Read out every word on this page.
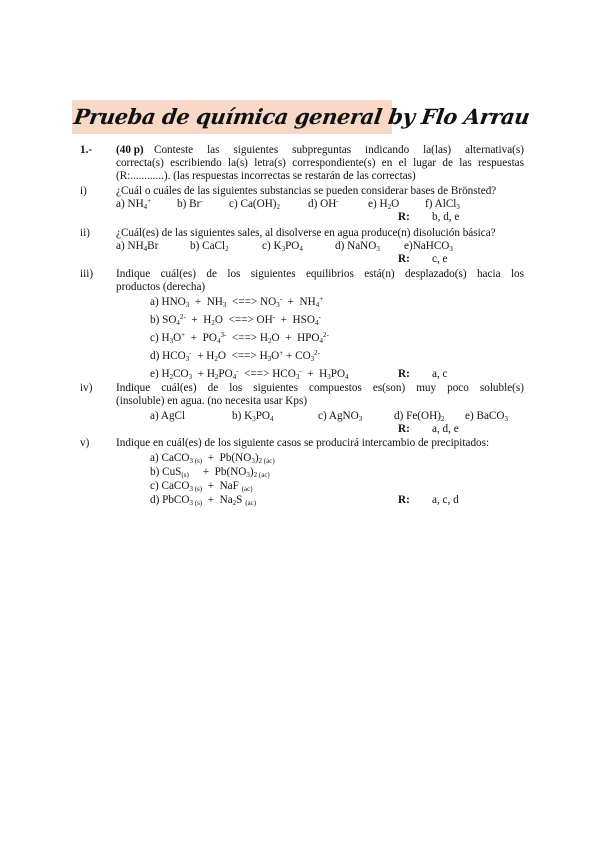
Prueba de química general by Flo Arrau
1.- (40 p) Conteste las siguientes subpreguntas indicando la(las) alternativa(s)
correcta(s) escribiendo la(s) letra(s) correspondiente(s) en el lugar de las respuestas
(R:............). (las respuestas incorrectas se restarán de las correctas)
i)	¿Cuál o cuáles de las siguientes substancias se pueden considerar bases de Brönsted?
a) $NH_4^+$ b) Br- c) $Ca(OH)_2$ d) OH-	e) $H_2O$ f) AlCl$_3$
R: b, d, e
ii) ¿Cuál(es) de las siguientes sales, al disolverse en agua produce(n) disolución básica?
a) $NH_4Br$	b) CaCl$_2$	c) $K_3PO_4$	d) NaNO$_3$ e)NaHCO$_3$
R: c, e
iii) Indique cuál(es) de los siguientes equilibrios está(n) desplazado(s) hacia los
productos (derecha)
a) $HNO_3 + NH_3$  <==> $NO_3^- + NH_4^+$
b) $SO_4^{2-} + H_2O$  <==> $OH^- + HSO_4^-$
c) $H_3O^+ + PO_4^{3-}$  <==> $H_2O + HPO_4^{2-}$
d) $HCO_3^- + H_2O$  <==> $H_3O^+ + CO_3^{2-}$
e) $H_2CO_3 + H_2PO_4^-$  <==> $HCO_3^- + H_3PO_4$	R: a, c
iv) Indique cuál(es) de los siguientes compuestos es(son) muy poco soluble(s)
(insoluble) en agua. (no necesita usar Kps)
a) AgCl	b) $K_3PO_4$	c) AgNO$_3$	d) $Fe(OH)_2$ e) BaCO$_3$
R: a, d, e
v) Indique en cuál(es) de los siguiente casos se producirá intercambio de precipitados:
a) CaCO$_{3 (s)}$  +  $Pb(NO_3)_{2 (ac)}$
b) CuS$_{(s)}$     +  $Pb(NO_3)_{2 (ac)}$
c) CaCO$_{3 (s)}$  +  NaF $_{(ac)}$
d) PbCO$_{3 (s)}$  +  $Na_2S$ $_{(ac)}$	R: a, c, d
